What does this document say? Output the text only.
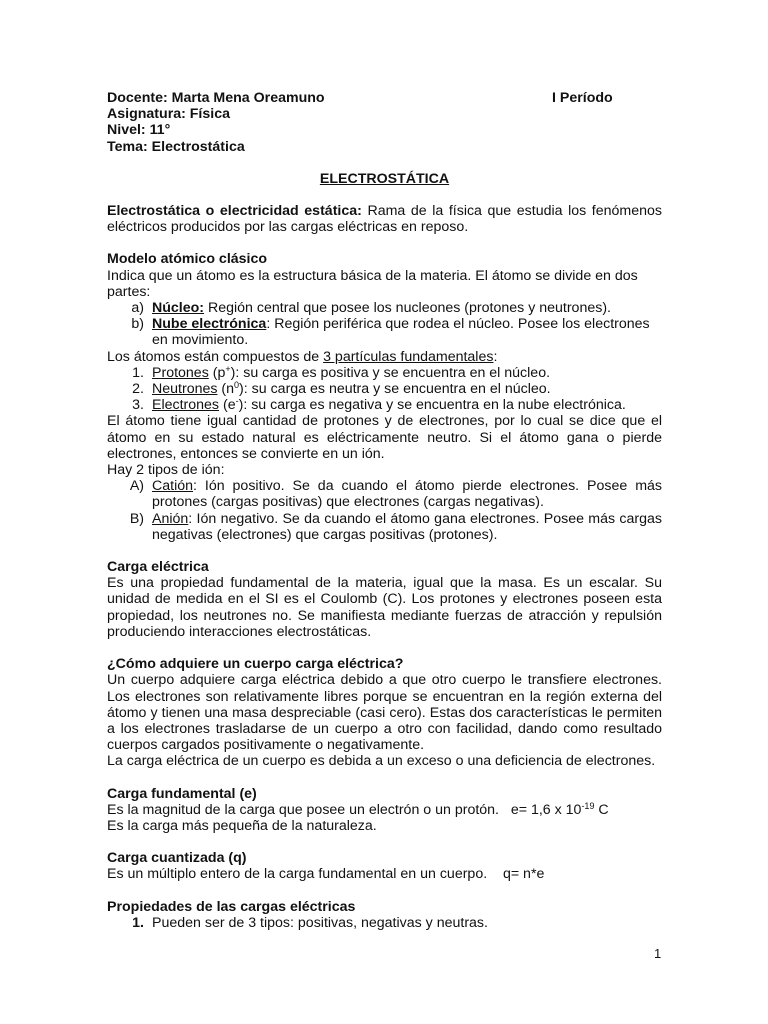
Docente: Marta Mena Oreamuno	I Período
Asignatura: Física
Nivel: 11°
Tema: Electrostática
ELECTROSTÁTICA
Electrostática o electricidad estática: Rama de la física que estudia los fenómenos eléctricos producidos por las cargas eléctricas en reposo.
Modelo atómico clásico
Indica que un átomo es la estructura básica de la materia. El átomo se divide en dos partes:
a) Núcleo: Región central que posee los nucleones (protones y neutrones).
b) Nube electrónica: Región periférica que rodea el núcleo. Posee los electrones en movimiento.
Los átomos están compuestos de 3 partículas fundamentales:
1. Protones (p+): su carga es positiva y se encuentra en el núcleo.
2. Neutrones $(n^0)$: su carga es neutra y se encuentra en el núcleo.
3. Electrones (e-): su carga es negativa y se encuentra en la nube electrónica.
El átomo tiene igual cantidad de protones y de electrones, por lo cual se dice que el átomo en su estado natural es eléctricamente neutro. Si el átomo gana o pierde electrones, entonces se convierte en un ión.
Hay 2 tipos de ión:
A) Catión: Ión positivo. Se da cuando el átomo pierde electrones. Posee más protones (cargas positivas) que electrones (cargas negativas).
B) Anión: Ión negativo. Se da cuando el átomo gana electrones. Posee más cargas negativas (electrones) que cargas positivas (protones).
Carga eléctrica
Es una propiedad fundamental de la materia, igual que la masa. Es un escalar. Su unidad de medida en el SI es el Coulomb (C). Los protones y electrones poseen esta propiedad, los neutrones no. Se manifiesta mediante fuerzas de atracción y repulsión produciendo interacciones electrostáticas.
¿Cómo adquiere un cuerpo carga eléctrica?
Un cuerpo adquiere carga eléctrica debido a que otro cuerpo le transfiere electrones. Los electrones son relativamente libres porque se encuentran en la región externa del átomo y tienen una masa despreciable (casi cero). Estas dos características le permiten a los electrones trasladarse de un cuerpo a otro con facilidad, dando como resultado cuerpos cargados positivamente o negativamente.
La carga eléctrica de un cuerpo es debida a un exceso o una deficiencia de electrones.
Carga fundamental (e)
Es la magnitud de la carga que posee un electrón o un protón. e= 1,6 x $10^{-19}$ C
Es la carga más pequeña de la naturaleza.
Carga cuantizada (q)
Es un múltiplo entero de la carga fundamental en un cuerpo. q= n*e
Propiedades de las cargas eléctricas
1. Pueden ser de 3 tipos: positivas, negativas y neutras.
1
